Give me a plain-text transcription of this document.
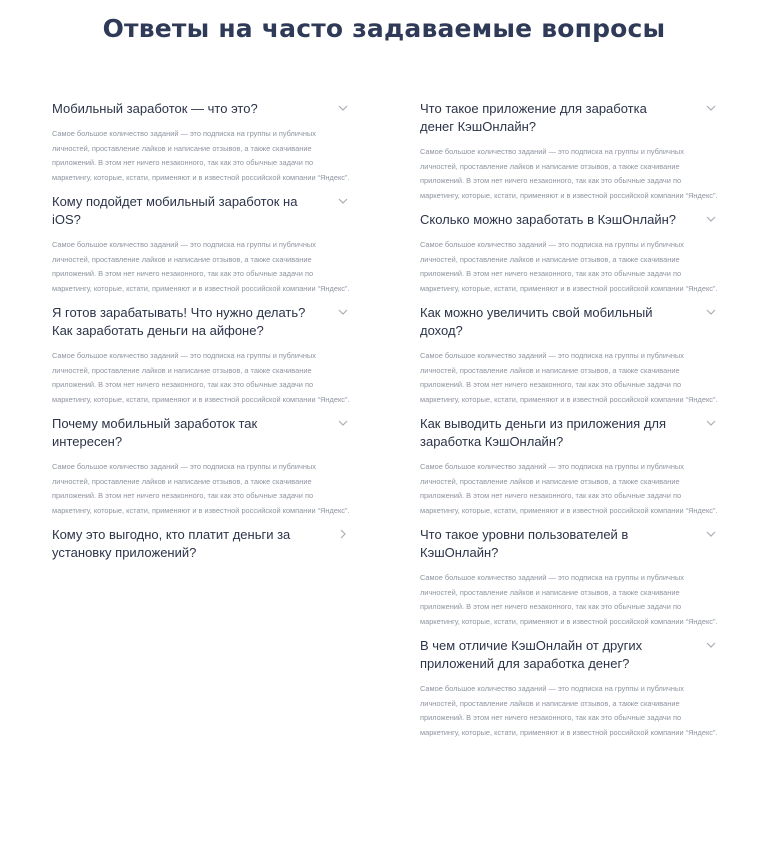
Ответы на часто задаваемые вопросы

Мобильный заработок — что это?

Самое большое количество заданий — это подписка на группы и публичных личностей, проставление лайков и написание отзывов, а также скачивание приложений. В этом нет ничего незаконного, так как это обычные задачи по маркетингу, которые, кстати, применяют и в известной российской компании “Яндекс”.

Кому подойдет мобильный заработок на iOS?

Самое большое количество заданий — это подписка на группы и публичных личностей, проставление лайков и написание отзывов, а также скачивание приложений. В этом нет ничего незаконного, так как это обычные задачи по маркетингу, которые, кстати, применяют и в известной российской компании “Яндекс”.

Я готов зарабатывать! Что нужно делать? Как заработать деньги на айфоне?

Самое большое количество заданий — это подписка на группы и публичных личностей, проставление лайков и написание отзывов, а также скачивание приложений. В этом нет ничего незаконного, так как это обычные задачи по маркетингу, которые, кстати, применяют и в известной российской компании “Яндекс”.

Почему мобильный заработок так интересен?

Самое большое количество заданий — это подписка на группы и публичных личностей, проставление лайков и написание отзывов, а также скачивание приложений. В этом нет ничего незаконного, так как это обычные задачи по маркетингу, которые, кстати, применяют и в известной российской компании “Яндекс”.

Кому это выгодно, кто платит деньги за установку приложений?

Что такое приложение для заработка денег КэшОнлайн?

Самое большое количество заданий — это подписка на группы и публичных личностей, проставление лайков и написание отзывов, а также скачивание приложений. В этом нет ничего незаконного, так как это обычные задачи по маркетингу, которые, кстати, применяют и в известной российской компании “Яндекс”.

Сколько можно заработать в КэшОнлайн?

Самое большое количество заданий — это подписка на группы и публичных личностей, проставление лайков и написание отзывов, а также скачивание приложений. В этом нет ничего незаконного, так как это обычные задачи по маркетингу, которые, кстати, применяют и в известной российской компании “Яндекс”.

Как можно увеличить свой мобильный доход?

Самое большое количество заданий — это подписка на группы и публичных личностей, проставление лайков и написание отзывов, а также скачивание приложений. В этом нет ничего незаконного, так как это обычные задачи по маркетингу, которые, кстати, применяют и в известной российской компании “Яндекс”.

Как выводить деньги из приложения для заработка КэшОнлайн?

Самое большое количество заданий — это подписка на группы и публичных личностей, проставление лайков и написание отзывов, а также скачивание приложений. В этом нет ничего незаконного, так как это обычные задачи по маркетингу, которые, кстати, применяют и в известной российской компании “Яндекс”.

Что такое уровни пользователей в КэшОнлайн?

Самое большое количество заданий — это подписка на группы и публичных личностей, проставление лайков и написание отзывов, а также скачивание приложений. В этом нет ничего незаконного, так как это обычные задачи по маркетингу, которые, кстати, применяют и в известной российской компании “Яндекс”.

В чем отличие КэшОнлайн от других приложений для заработка денег?

Самое большое количество заданий — это подписка на группы и публичных личностей, проставление лайков и написание отзывов, а также скачивание приложений. В этом нет ничего незаконного, так как это обычные задачи по маркетингу, которые, кстати, применяют и в известной российской компании “Яндекс”.
